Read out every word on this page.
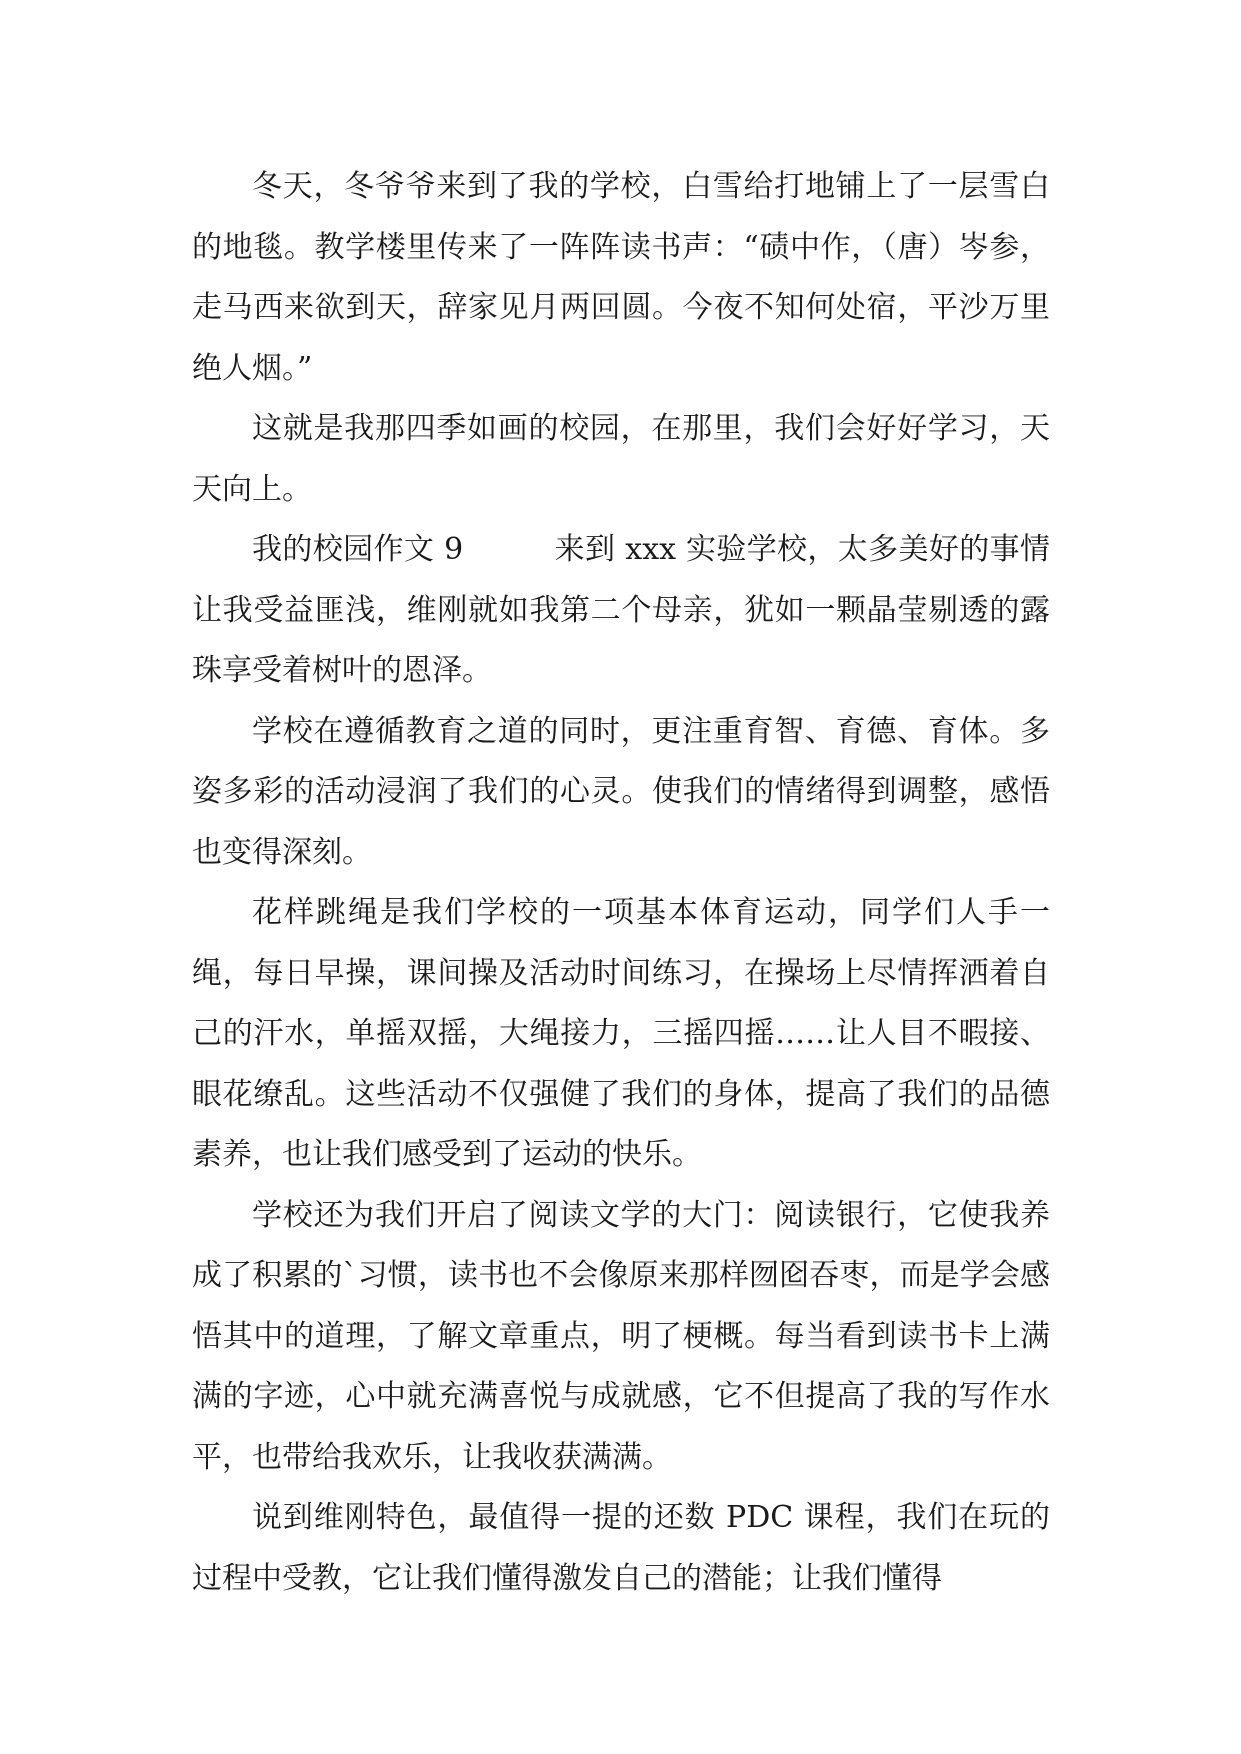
冬天，冬爷爷来到了我的学校，白雪给打地铺上了一层雪白的地毯。教学楼里传来了一阵阵读书声：“碛中作，（唐）岑参，走马西来欲到天，辞家见月两回圆。今夜不知何处宿，平沙万里绝人烟。”

这就是我那四季如画的校园，在那里，我们会好好学习，天天向上。

我的校园作文 9　　　来到 xxx 实验学校，太多美好的事情让我受益匪浅，维刚就如我第二个母亲，犹如一颗晶莹剔透的露珠享受着树叶的恩泽。

学校在遵循教育之道的同时，更注重育智、育德、育体。多姿多彩的活动浸润了我们的心灵。使我们的情绪得到调整，感悟也变得深刻。

花样跳绳是我们学校的一项基本体育运动，同学们人手一绳，每日早操，课间操及活动时间练习，在操场上尽情挥洒着自己的汗水，单摇双摇，大绳接力，三摇四摇……让人目不暇接、眼花缭乱。这些活动不仅强健了我们的身体，提高了我们的品德素养，也让我们感受到了运动的快乐。

学校还为我们开启了阅读文学的大门：阅读银行，它使我养成了积累的`习惯，读书也不会像原来那样囫囵吞枣，而是学会感悟其中的道理，了解文章重点，明了梗概。每当看到读书卡上满满的字迹，心中就充满喜悦与成就感，它不但提高了我的写作水平，也带给我欢乐，让我收获满满。

说到维刚特色，最值得一提的还数 PDC 课程，我们在玩的过程中受教，它让我们懂得激发自己的潜能；让我们懂得
